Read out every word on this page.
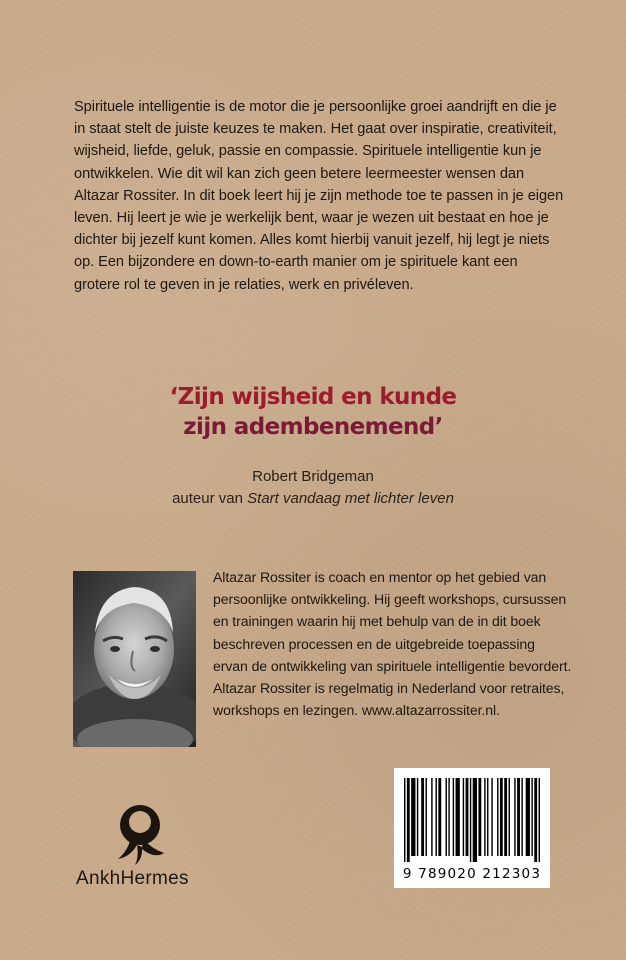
Spirituele intelligentie is de motor die je persoonlijke groei aandrijft en die je in staat stelt de juiste keuzes te maken. Het gaat over inspiratie, creativiteit, wijsheid, liefde, geluk, passie en compassie. Spirituele intelligentie kun je ontwikkelen. Wie dit wil kan zich geen betere leermeester wensen dan Altazar Rossiter. In dit boek leert hij je zijn methode toe te passen in je eigen leven. Hij leert je wie je werkelijk bent, waar je wezen uit bestaat en hoe je dichter bij jezelf kunt komen. Alles komt hierbij vanuit jezelf, hij legt je niets op. Een bijzondere en down-to-earth manier om je spirituele kant een grotere rol te geven in je relaties, werk en privéleven.

‘Zijn wijsheid en kunde
zijn adembenemend’
Robert Bridgeman
auteur van Start vandaag met lichter leven

Altazar Rossiter is coach en mentor op het gebied van persoonlijke ontwikkeling. Hij geeft workshops, cursussen en trainingen waarin hij met behulp van de in dit boek beschreven processen en de uitgebreide toepassing ervan de ontwikkeling van spirituele intelligentie bevordert. Altazar Rossiter is regelmatig in Nederland voor retraites, workshops en lezingen. www.altazarrossiter.nl.

9 789020 212303
AnkhHermes
